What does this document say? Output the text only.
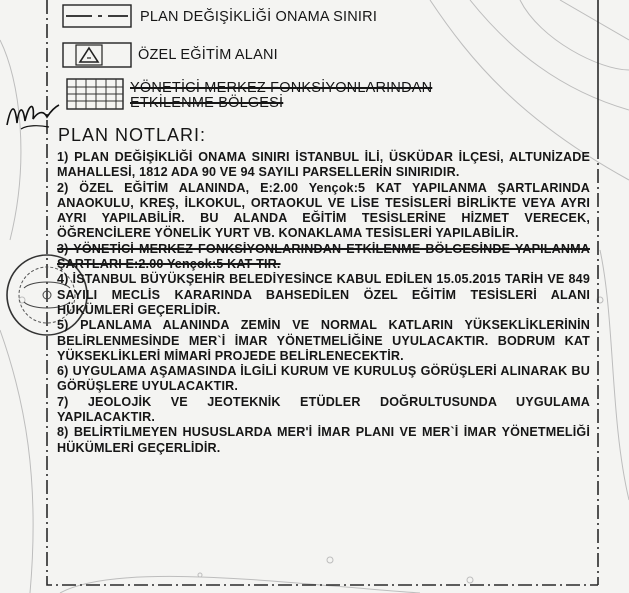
PLAN DEĞIŞİKLİĞİ ONAMA SINIRI
ÖZEL EĞİTİM ALANI
YÖNETİCİ MERKEZ FONKSİYONLARINDAN
ETKİLENME BÖLGESİ
PLAN NOTLARI:
1) PLAN DEĞİŞİKLİĞİ ONAMA SINIRI İSTANBUL İLİ, ÜSKÜDAR İLÇESİ, ALTUNİZADE MAHALLESİ, 1812 ADA 90 VE 94 SAYILI PARSELLERİN SINIRIDIR.
2) ÖZEL EĞİTİM ALANINDA, E:2.00 Yençok:5 KAT YAPILANMA ŞARTLARINDA ANAOKULU, KREŞ, İLKOKUL, ORTAOKUL VE LİSE TESİSLERİ BİRLİKTE VEYA AYRI AYRI YAPILABİLİR. BU ALANDA EĞİTİM TESİSLERİNE HİZMET VERECEK, ÖĞRENCİLERE YÖNELİK YURT VB. KONAKLAMA TESİSLERİ YAPILABİLİR.
3) YÖNETİCİ MERKEZ FONKSİYONLARINDAN ETKİLENME BÖLGESİNDE YAPILANMA ŞARTLARI E:2.00 Yençok:5 KAT TIR.
4) İSTANBUL BÜYÜKŞEHİR BELEDİYESİNCE KABUL EDİLEN 15.05.2015 TARİH VE 849 SAYILI MECLİS KARARINDA BAHSEDİLEN ÖZEL EĞİTİM TESİSLERİ ALANI HÜKÜMLERİ GEÇERLİDİR.
5) PLANLAMA ALANINDA ZEMİN VE NORMAL KATLARIN YÜKSEKLİKLERİNİN BELİRLENMESİNDE MER`İ İMAR YÖNETMELİĞİNE UYULACAKTIR. BODRUM KAT YÜKSEKLİKLERİ MİMARİ PROJEDE BELİRLENECEKTİR.
6) UYGULAMA AŞAMASINDA İLGİLİ KURUM VE KURULUŞ GÖRÜŞLERİ ALINARAK BU GÖRÜŞLERE UYULACAKTIR.
7) JEOLOJİK VE JEOTEKNİK ETÜDLER DOĞRULTUSUNDA UYGULAMA YAPILACAKTIR.
8) BELİRTİLMEYEN HUSUSLARDA MER'İ İMAR PLANI VE MER`İ İMAR YÖNETMELİĞİ HÜKÜMLERİ GEÇERLİDİR.
